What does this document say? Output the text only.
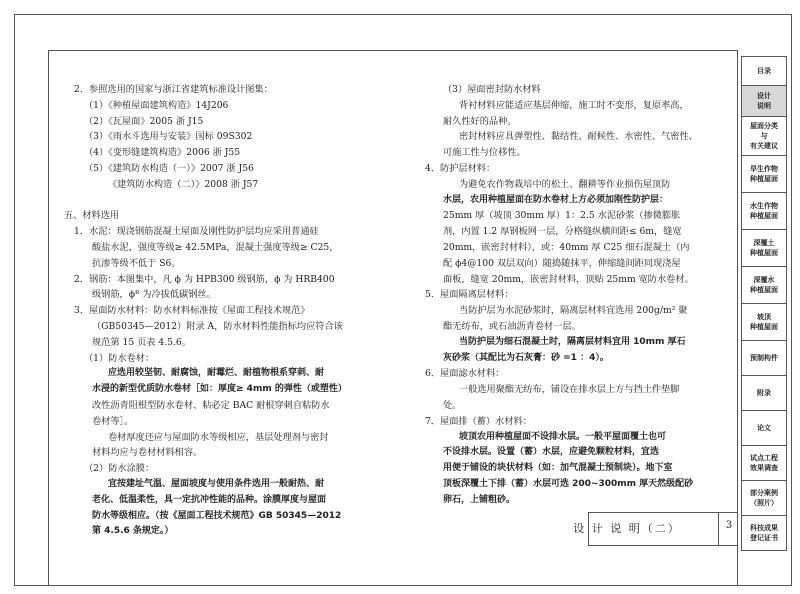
2．参照选用的国家与浙江省建筑标准设计图集：
（1）《种植屋面建筑构造》14J206
（2）《瓦屋面》2005 浙 J15
（3）《雨水斗选用与安装》国标 09S302
（4）《变形缝建筑构造》2006 浙 J55
（5）《建筑防水构造（一）》2007 浙 J56
《建筑防水构造（二）》2008 浙 J57

五、材料选用
1．水泥：现浇钢筋混凝土屋面及刚性防护层均应采用普通硅
酸盐水泥，强度等级≥ 42.5MPa，混凝土强度等级≥ C25，
抗渗等级不低于 S6。
2．钢筋：本图集中，凡 ϕ 为 HPB300 级钢筋，ϕ 为 HRB400
级钢筋，ϕᴿ 为冷拔低碳钢丝。
3．屋面防水材料：防水材料标准按《屋面工程技术规范》
（GB50345—2012）附录 A，防水材料性能指标均应符合该
规范第 15 页表 4.5.6。
（1）防水卷材：
应选用较坚韧、耐腐蚀，耐霉烂、耐植物根系穿刺、耐
水浸的新型优质防水卷材［如：厚度≥ 4mm 的弹性（或塑性）
改性沥青阻根型防水卷材、粘必定 BAC 耐根穿刺自粘防水
卷材等］。
卷材厚度还应与屋面防水等级相应，基层处理剂与密封
材料均应与卷材材料相容。
（2）防水涂膜：
宜按建址气温、屋面坡度与使用条件选用一般耐热、耐
老化、低温柔性，具一定抗冲性能的品种。涂膜厚度与屋面
防水等级相应。（按《屋面工程技术规范》GB 50345—2012
第 4.5.6 条规定。）
（3）屋面密封防水材料
背衬材料应能适应基层伸缩，施工时不变形，复原率高，
耐久性好的品种。
密封材料应具弹塑性、黏结性、耐候性、水密性、气密性、
可施工性与位移性。
4．防护层材料：
为避免农作物栽培中的松土、翻耕等作业损伤屋顶防
水层，农用种植屋面在防水卷材上方必须加刚性防护层：
25mm 厚（坡顶 30mm 厚）1：2.5 水泥砂浆（掺微膨胀
剂，内置 1.2 厚钢板网一层，分格缝纵横间距≤ 6m，缝宽
20mm，嵌密封材料），或：40mm 厚 C25 细石混凝土（内
配 ϕ4@100 双层双向）随捣随抹平，伸缩缝间距同现浇屋
面板，缝宽 20mm，嵌密封材料，顶贴 25mm 宽防水卷材。
5．屋面隔离层材料：
当防护层为水泥砂浆时，隔离层材料宜选用 200g/m² 聚
酯无纺布，或石油沥青卷材一层。
当防护层为细石混凝土时，隔离层材料宜用 10mm 厚石
灰砂浆（其配比为石灰膏：砂 =1 ：4）。
6．屋面滤水材料：
一般选用聚酯无纺布，铺设在排水层上方与挡土件垫脚
处。
7．屋面排（蓄）水材料：
坡顶农用种植屋面不设排水层。一般平屋面覆土也可
不设排水层。设置（蓄）水层，应避免颗粒材料，宜选
用便于铺设的块状材料（如：加气混凝土预制块）。地下室
顶板深覆土下排（蓄）水层可选 200~300mm 厚天然级配砂
卵石，上铺粗砂。
设 计 说 明（二）	3
目录
设计
说明
屋面分类
与
有关建议
旱生作物
种植屋面
水生作物
种植屋面
深覆土
种植屋面
深覆水
种植屋面
坡顶
种植屋面
预制构件
附录
论文
试点工程
效果调查
部分案例
（照片）
科技成果
登记证书
